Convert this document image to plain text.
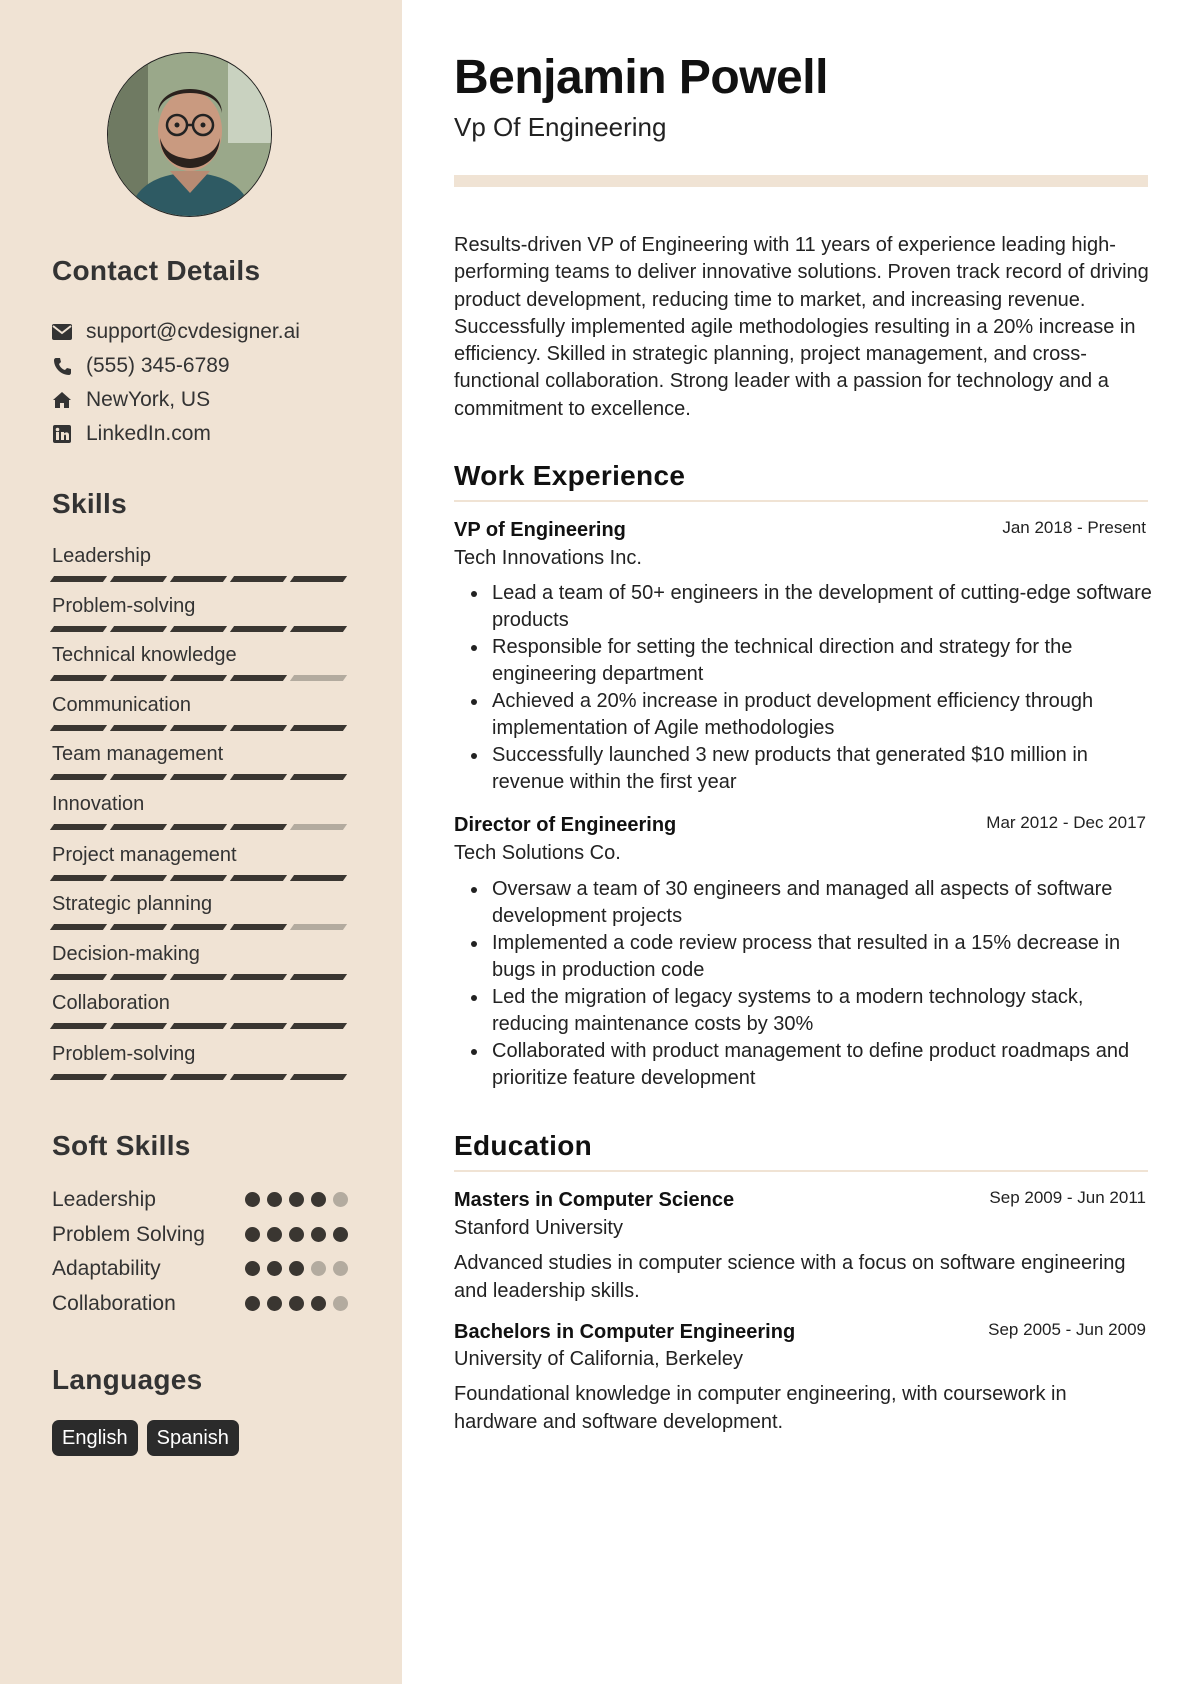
Contact Details
support@cvdesigner.ai
(555) 345-6789
NewYork, US
LinkedIn.com
Skills
Leadership
Problem-solving
Technical knowledge
Communication
Team management
Innovation
Project management
Strategic planning
Decision-making
Collaboration
Problem-solving
Soft Skills
Leadership
Problem Solving
Adaptability
Collaboration
Languages
English	Spanish
Benjamin Powell
Vp Of Engineering

Results-driven VP of Engineering with 11 years of experience leading high-performing teams to deliver innovative solutions. Proven track record of driving product development, reducing time to market, and increasing revenue. Successfully implemented agile methodologies resulting in a 20% increase in efficiency. Skilled in strategic planning, project management, and cross-functional collaboration. Strong leader with a passion for technology and a commitment to excellence.

Work Experience
VP of Engineering	Jan 2018 - Present
Tech Innovations Inc.
Lead a team of 50+ engineers in the development of cutting-edge software products
Responsible for setting the technical direction and strategy for the engineering department
Achieved a 20% increase in product development efficiency through implementation of Agile methodologies
Successfully launched 3 new products that generated $10 million in revenue within the first year
Director of Engineering	Mar 2012 - Dec 2017
Tech Solutions Co.
Oversaw a team of 30 engineers and managed all aspects of software development projects
Implemented a code review process that resulted in a 15% decrease in bugs in production code
Led the migration of legacy systems to a modern technology stack, reducing maintenance costs by 30%
Collaborated with product management to define product roadmaps and prioritize feature development
Education
Masters in Computer Science	Sep 2009 - Jun 2011
Stanford University

Advanced studies in computer science with a focus on software engineering and leadership skills.

Bachelors in Computer Engineering	Sep 2005 - Jun 2009
University of California, Berkeley

Foundational knowledge in computer engineering, with coursework in hardware and software development.
